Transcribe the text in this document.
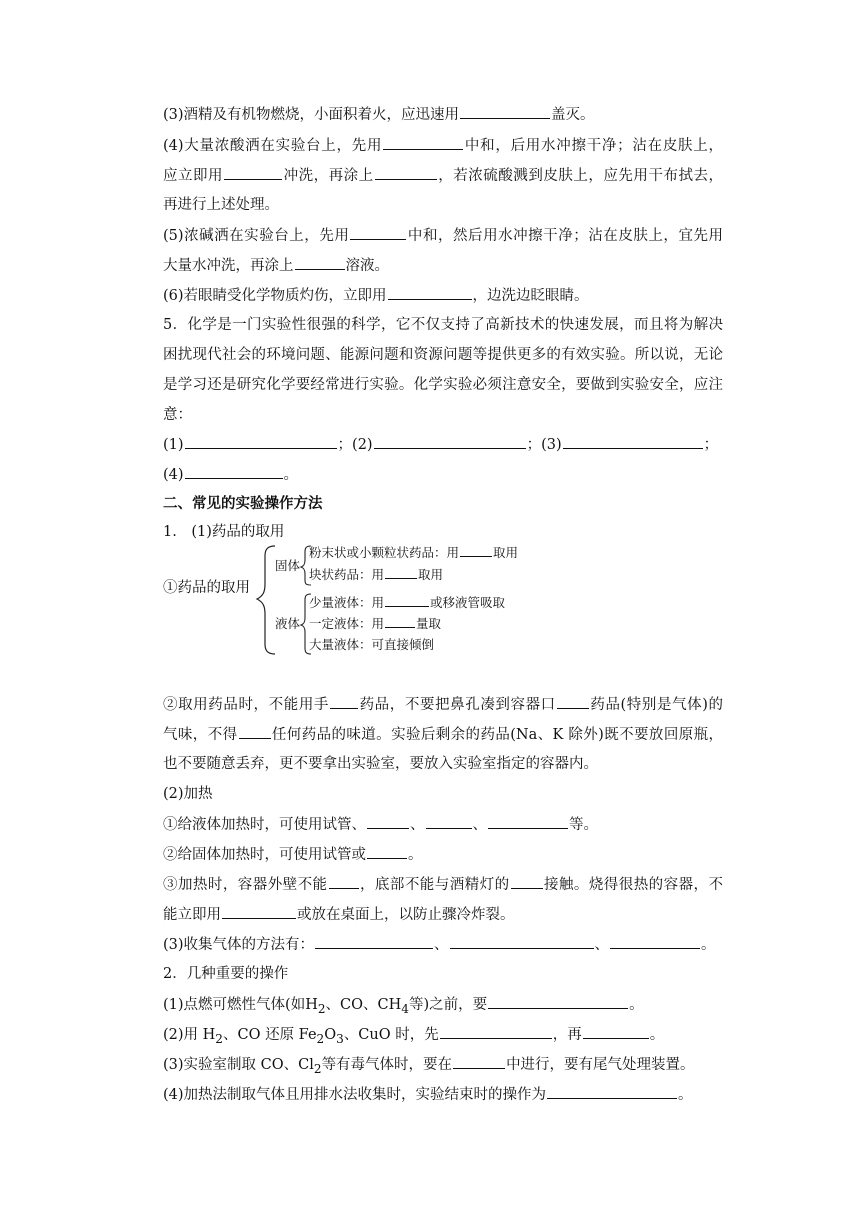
(3)酒精及有机物燃烧，小面积着火，应迅速用	盖灭。
(4)大量浓酸洒在实验台上，先用	中和，后用水冲擦干净；沾在皮肤上，
应立即用	冲洗，再涂上	，若浓硫酸溅到皮肤上，应先用干布拭去，
再进行上述处理。
(5)浓碱洒在实验台上，先用	中和，然后用水冲擦干净；沾在皮肤上，宜先用
大量水冲洗，再涂上	溶液。
(6)若眼睛受化学物质灼伤，立即用	，边洗边眨眼睛。
5．化学是一门实验性很强的科学，它不仅支持了高新技术的快速发展，而且将为解决
困扰现代社会的环境问题、能源问题和资源问题等提供更多的有效实验。所以说，无论
是学习还是研究化学要经常进行实验。化学实验必须注意安全，要做到实验安全，应注
意：
(1)	；(2)	；(3)	；
(4)	。
二、常见的实验操作方法
1.　(1)药品的取用
①药品的取用
固体
液体
粉末状或小颗粒状药品：用	取用
块状药品：用	取用
少量液体：用	或移液管吸取
一定液体：用	量取
大量液体：可直接倾倒
②取用药品时，不能用手 药品，不要把鼻孔凑到容器口 药品(特别是气体)的
气味，不得 任何药品的味道。实验后剩余的药品(Na、K 除外)既不要放回原瓶，
也不要随意丢弃，更不要拿出实验室，要放入实验室指定的容器内。
(2)加热
①给液体加热时，可使用试管、	、	、	等。
②给固体加热时，可使用试管或	。
③加热时，容器外壁不能 ，底部不能与酒精灯的 接触。烧得很热的容器，不
能立即用	或放在桌面上，以防止骤冷炸裂。
(3)收集气体的方法有：	、	、	。
2．几种重要的操作
(1)点燃可燃性气体(如$H_2$、CO、$CH_4$等)之前，要	。
(2)用 $H_2$、CO 还原 $Fe_2O_3$、CuO 时，先	，再	。
(3)实验室制取 CO、$Cl_2$等有毒气体时，要在	中进行，要有尾气处理装置。
(4)加热法制取气体且用排水法收集时，实验结束时的操作为	。
